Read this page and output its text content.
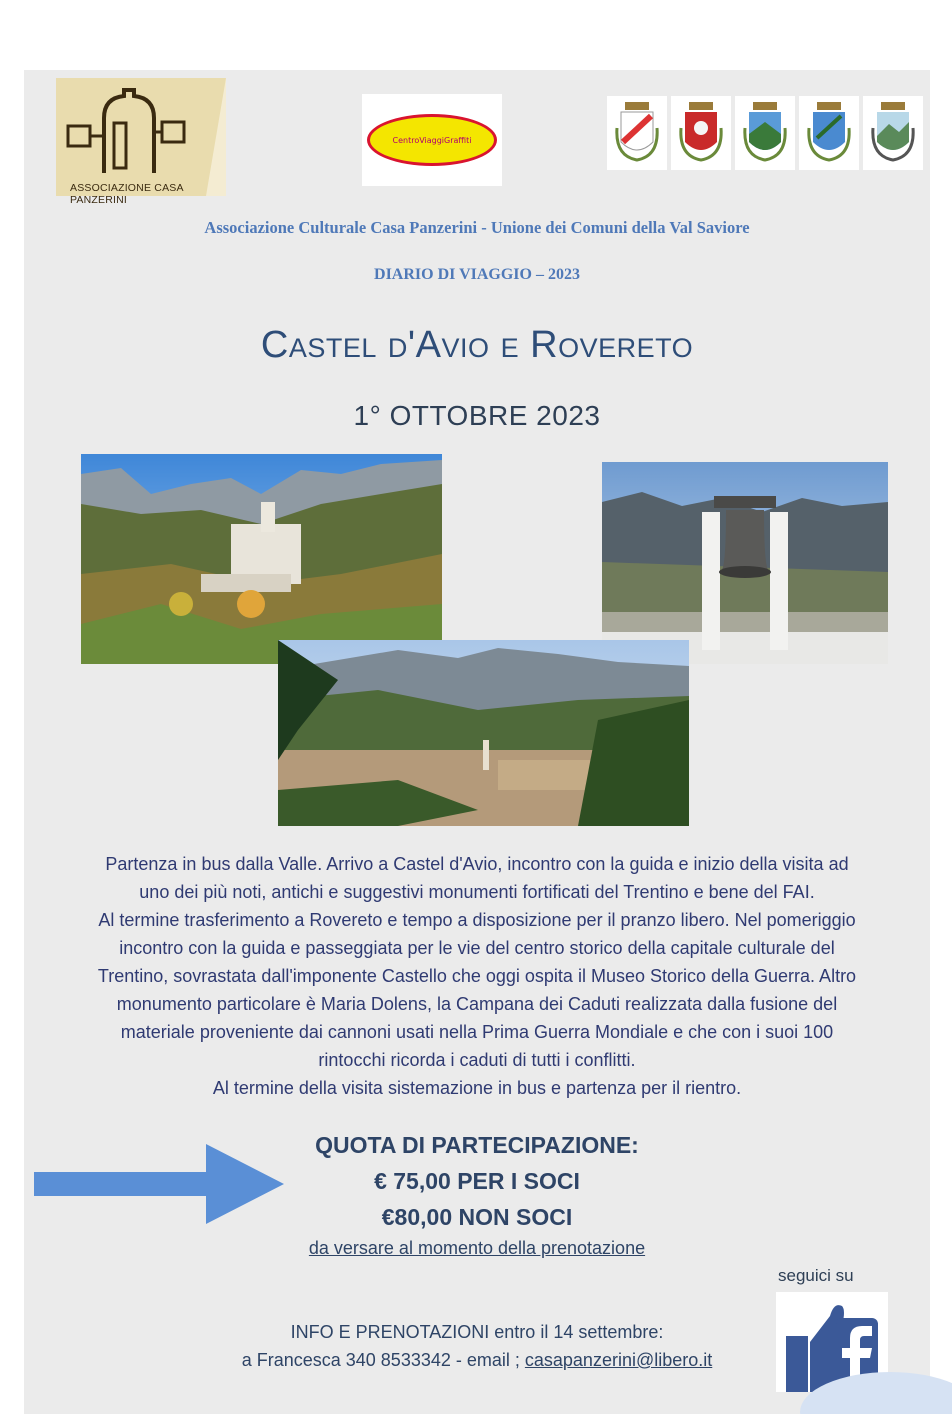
ASSOCIAZIONE CASA PANZERINI
CentroViaggiGraffiti
Associazione Culturale Casa Panzerini - Unione dei Comuni della Val Saviore
DIARIO DI VIAGGIO – 2023
Castel d'Avio e Rovereto
1° OTTOBRE 2023
Partenza in bus dalla Valle. Arrivo a Castel d'Avio, incontro con la guida e inizio della visita ad
uno dei più noti, antichi e suggestivi monumenti fortificati del Trentino e bene del FAI.
Al termine trasferimento a Rovereto e tempo a disposizione per il pranzo libero. Nel pomeriggio
incontro con la guida e passeggiata per le vie del centro storico della capitale culturale del
Trentino, sovrastata dall'imponente Castello che oggi ospita il Museo Storico della Guerra. Altro
monumento particolare è Maria Dolens, la Campana dei Caduti realizzata dalla fusione del
materiale proveniente dai cannoni usati nella Prima Guerra Mondiale e che con i suoi 100
rintocchi ricorda i caduti di tutti i conflitti.
Al termine della visita sistemazione in bus e partenza per il rientro.
QUOTA DI PARTECIPAZIONE:
€ 75,00 PER I SOCI
€80,00 NON SOCI
da versare al momento della prenotazione
seguici su
INFO E PRENOTAZIONI entro il 14 settembre:
a Francesca 340 8533342 - email ; casapanzerini@libero.it
